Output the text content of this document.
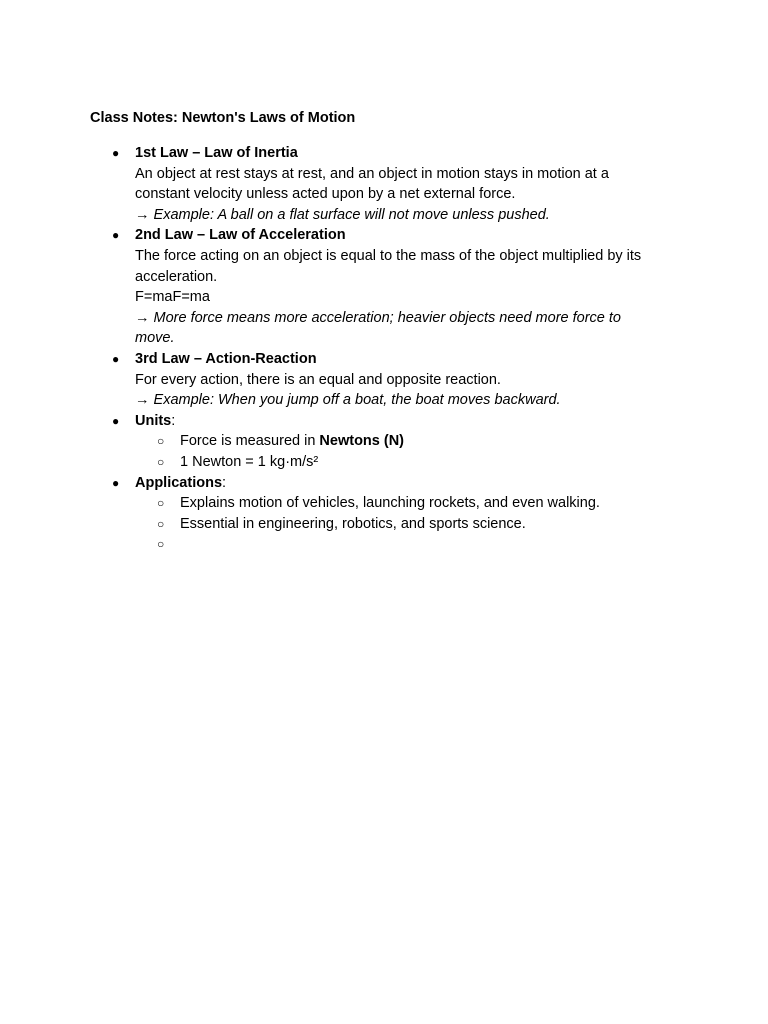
Class Notes: Newton's Laws of Motion
● 1st Law – Law of Inertia
An object at rest stays at rest, and an object in motion stays in motion at a
constant velocity unless acted upon by a net external force.
→ Example: A ball on a flat surface will not move unless pushed.
● 2nd Law – Law of Acceleration
The force acting on an object is equal to the mass of the object multiplied by its
acceleration.
F=maF=ma
→ More force means more acceleration; heavier objects need more force to
move.
● 3rd Law – Action-Reaction
For every action, there is an equal and opposite reaction.
→ Example: When you jump off a boat, the boat moves backward.
● Units:
○ Force is measured in Newtons (N)
○ 1 Newton = 1 kg·m/s²
● Applications:
○ Explains motion of vehicles, launching rockets, and even walking.
○ Essential in engineering, robotics, and sports science.
○
